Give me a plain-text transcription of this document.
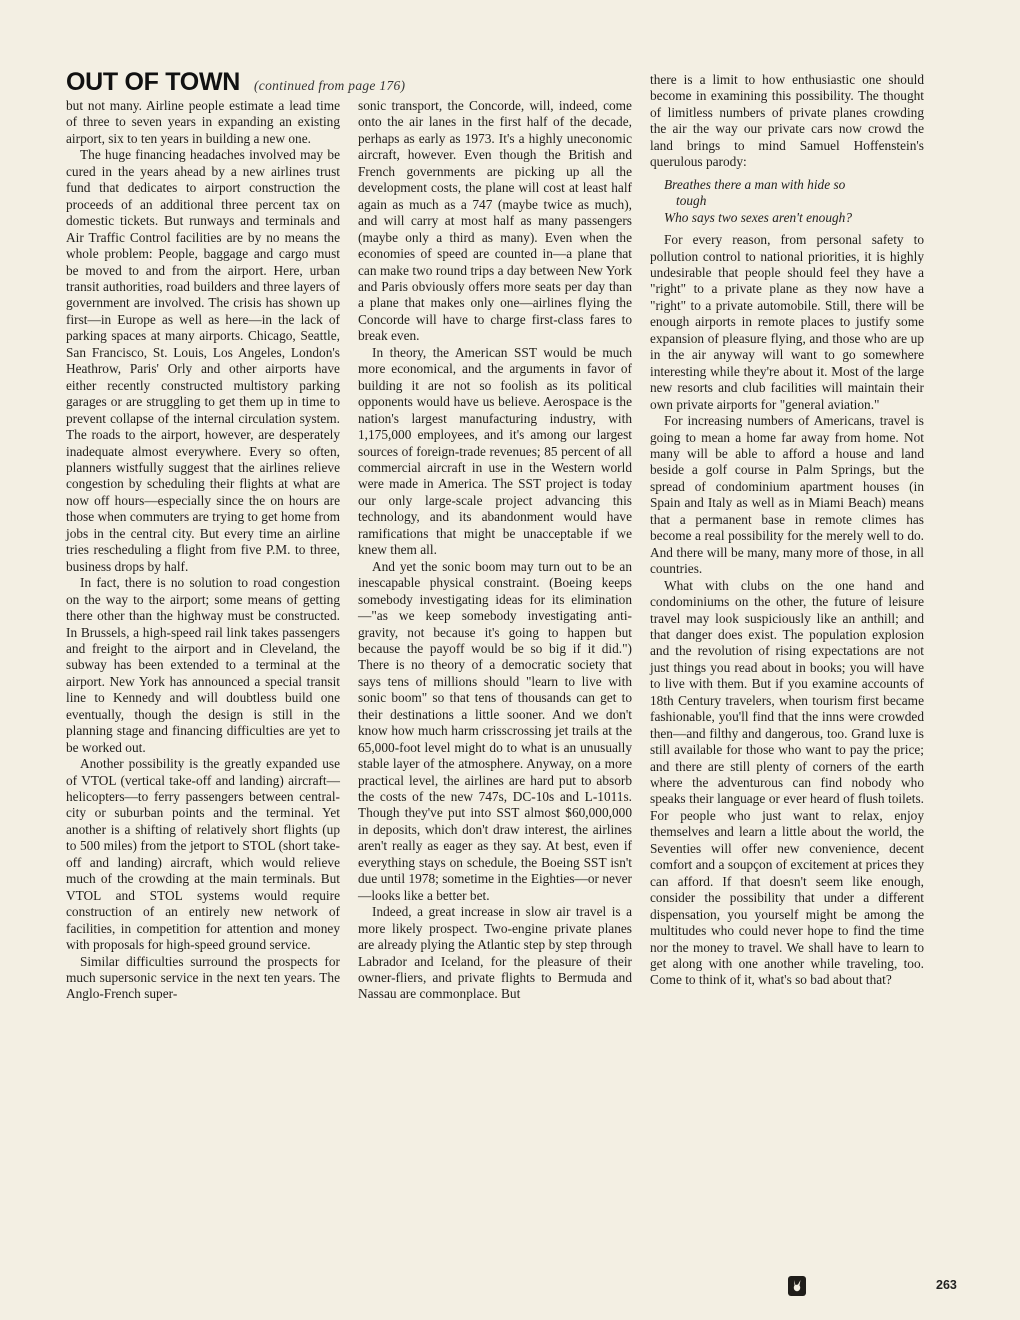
OUT OF TOWN (continued from page 176)

but not many. Airline people estimate a lead time of three to seven years in expanding an existing airport, six to ten years in building a new one.

The huge financing headaches involved may be cured in the years ahead by a new airlines trust fund that dedicates to airport construction the proceeds of an additional three percent tax on domestic tickets. But runways and terminals and Air Traffic Control facilities are by no means the whole problem: People, baggage and cargo must be moved to and from the airport. Here, urban transit authorities, road builders and three layers of government are involved. The crisis has shown up first—in Europe as well as here—in the lack of parking spaces at many airports. Chicago, Seattle, San Francisco, St. Louis, Los Angeles, London's Heathrow, Paris' Orly and other airports have either recently constructed multistory parking garages or are struggling to get them up in time to prevent collapse of the internal circulation system. The roads to the airport, however, are desperately inadequate almost everywhere. Every so often, planners wistfully suggest that the airlines relieve congestion by scheduling their flights at what are now off hours—especially since the on hours are those when commuters are trying to get home from jobs in the central city. But every time an airline tries rescheduling a flight from five P.M. to three, business drops by half.

In fact, there is no solution to road congestion on the way to the airport; some means of getting there other than the highway must be constructed. In Brussels, a high-speed rail link takes passengers and freight to the airport and in Cleveland, the subway has been extended to a terminal at the airport. New York has announced a special transit line to Kennedy and will doubtless build one eventually, though the design is still in the planning stage and financing difficulties are yet to be worked out.

Another possibility is the greatly expanded use of VTOL (vertical take-off and landing) aircraft—helicopters—to ferry passengers between central-city or suburban points and the terminal. Yet another is a shifting of relatively short flights (up to 500 miles) from the jetport to STOL (short take-off and landing) aircraft, which would relieve much of the crowding at the main terminals. But VTOL and STOL systems would require construction of an entirely new network of facilities, in competition for attention and money with proposals for high-speed ground service.

Similar difficulties surround the prospects for much supersonic service in the next ten years. The Anglo-French super-

sonic transport, the Concorde, will, indeed, come onto the air lanes in the first half of the decade, perhaps as early as 1973. It's a highly uneconomic aircraft, however. Even though the British and French governments are picking up all the development costs, the plane will cost at least half again as much as a 747 (maybe twice as much), and will carry at most half as many passengers (maybe only a third as many). Even when the economies of speed are counted in—a plane that can make two round trips a day between New York and Paris obviously offers more seats per day than a plane that makes only one—airlines flying the Concorde will have to charge first-class fares to break even.

In theory, the American SST would be much more economical, and the arguments in favor of building it are not so foolish as its political opponents would have us believe. Aerospace is the nation's largest manufacturing industry, with 1,175,000 employees, and it's among our largest sources of foreign-trade revenues; 85 percent of all commercial aircraft in use in the Western world were made in America. The SST project is today our only large-scale project advancing this technology, and its abandonment would have ramifications that might be unacceptable if we knew them all.

And yet the sonic boom may turn out to be an inescapable physical constraint. (Boeing keeps somebody investigating ideas for its elimination—"as we keep somebody investigating anti-gravity, not because it's going to happen but because the payoff would be so big if it did.") There is no theory of a democratic society that says tens of millions should "learn to live with sonic boom" so that tens of thousands can get to their destinations a little sooner. And we don't know how much harm crisscrossing jet trails at the 65,000-foot level might do to what is an unusually stable layer of the atmosphere. Anyway, on a more practical level, the airlines are hard put to absorb the costs of the new 747s, DC-10s and L-1011s. Though they've put into SST almost $60,000,000 in deposits, which don't draw interest, the airlines aren't really as eager as they say. At best, even if everything stays on schedule, the Boeing SST isn't due until 1978; sometime in the Eighties—or never—looks like a better bet.

Indeed, a great increase in slow air travel is a more likely prospect. Two-engine private planes are already plying the Atlantic step by step through Labrador and Iceland, for the pleasure of their owner-fliers, and private flights to Bermuda and Nassau are commonplace. But

there is a limit to how enthusiastic one should become in examining this possibility. The thought of limitless numbers of private planes crowding the air the way our private cars now crowd the land brings to mind Samuel Hoffenstein's querulous parody:

Breathes there a man with hide so
tough
Who says two sexes aren't enough?

For every reason, from personal safety to pollution control to national priorities, it is highly undesirable that people should feel they have a "right" to a private plane as they now have a "right" to a private automobile. Still, there will be enough airports in remote places to justify some expansion of pleasure flying, and those who are up in the air anyway will want to go somewhere interesting while they're about it. Most of the large new resorts and club facilities will maintain their own private airports for "general aviation."

For increasing numbers of Americans, travel is going to mean a home far away from home. Not many will be able to afford a house and land beside a golf course in Palm Springs, but the spread of condominium apartment houses (in Spain and Italy as well as in Miami Beach) means that a permanent base in remote climes has become a real possibility for the merely well to do. And there will be many, many more of those, in all countries.

What with clubs on the one hand and condominiums on the other, the future of leisure travel may look suspiciously like an anthill; and that danger does exist. The population explosion and the revolution of rising expectations are not just things you read about in books; you will have to live with them. But if you examine accounts of 18th Century travelers, when tourism first became fashionable, you'll find that the inns were crowded then—and filthy and dangerous, too. Grand luxe is still available for those who want to pay the price; and there are still plenty of corners of the earth where the adventurous can find nobody who speaks their language or ever heard of flush toilets. For people who just want to relax, enjoy themselves and learn a little about the world, the Seventies will offer new convenience, decent comfort and a soupçon of excitement at prices they can afford. If that doesn't seem like enough, consider the possibility that under a different dispensation, you yourself might be among the multitudes who could never hope to find the time nor the money to travel. We shall have to learn to get along with one another while traveling, too. Come to think of it, what's so bad about that?

263
